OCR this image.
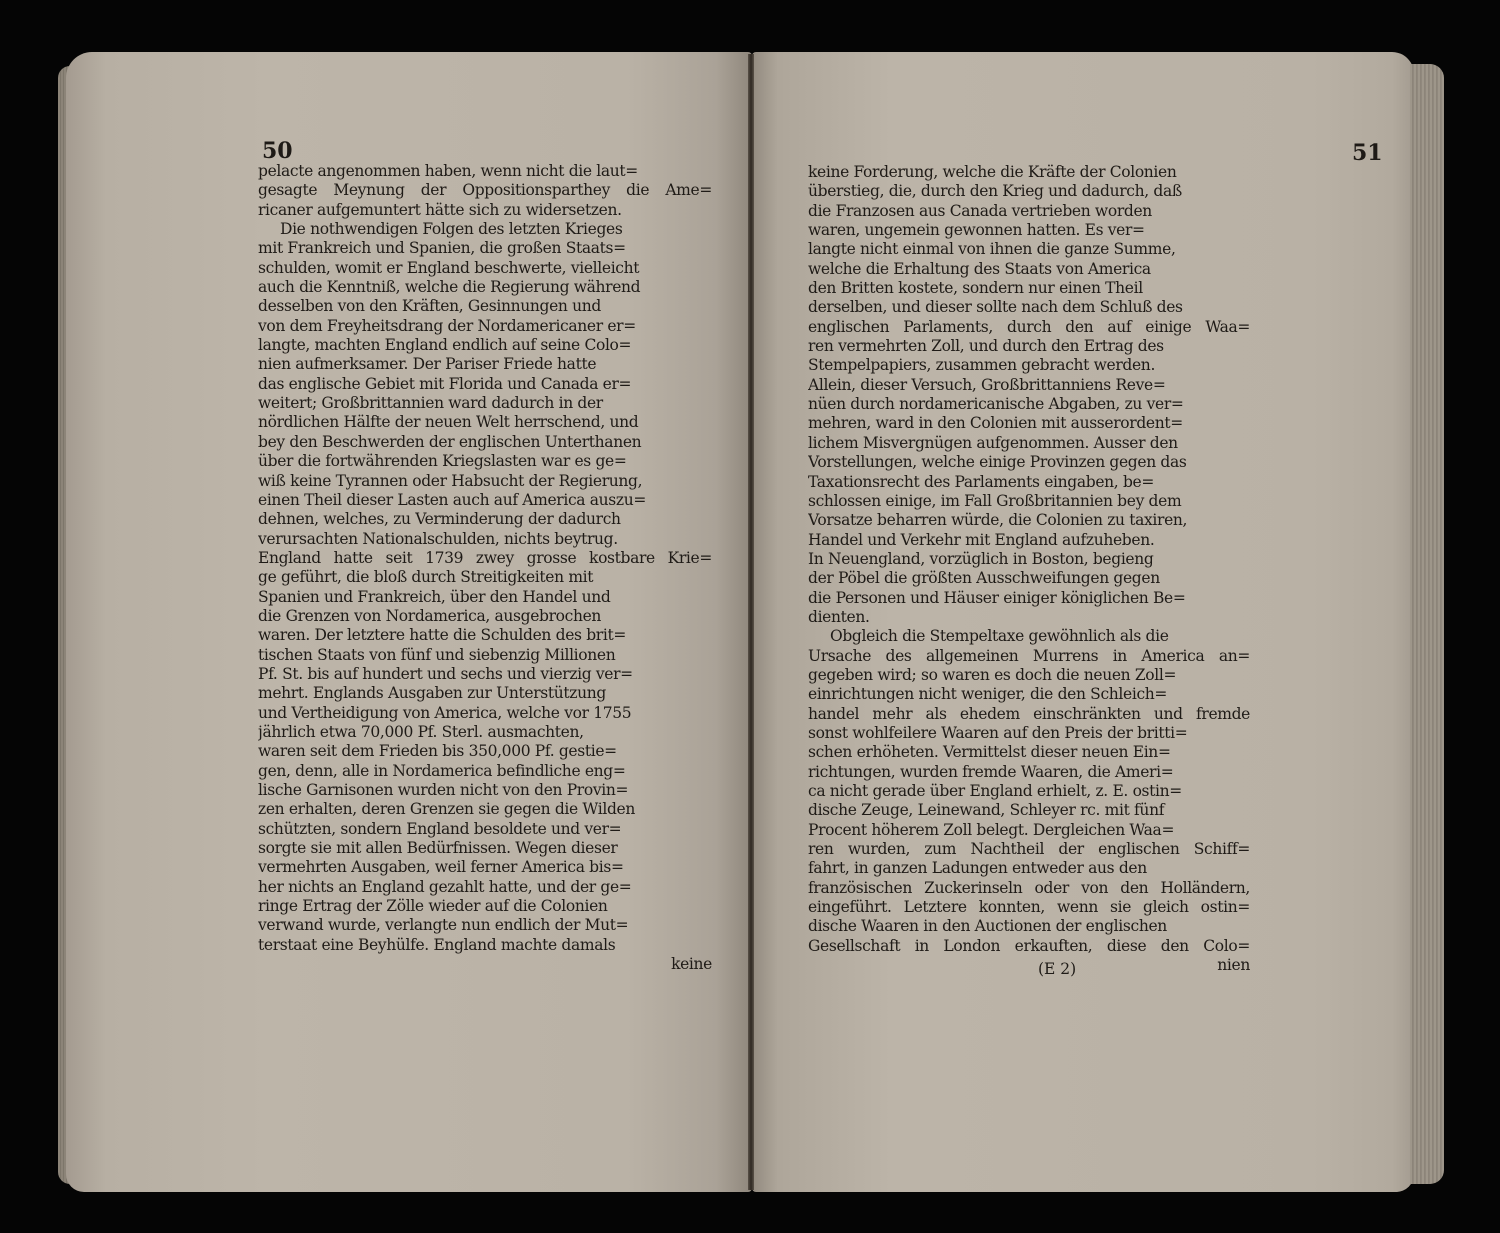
50
pelacte angenommen haben, wenn nicht die laut=
gesagte Meynung der Oppositionsparthey die Ame=
ricaner aufgemuntert hätte sich zu widersetzen.
Die nothwendigen Folgen des letzten Krieges
mit Frankreich und Spanien, die großen Staats=
schulden, womit er England beschwerte, vielleicht
auch die Kenntniß, welche die Regierung während
desselben von den Kräften, Gesinnungen und
von dem Freyheitsdrang der Nordamericaner er=
langte, machten England endlich auf seine Colo=
nien aufmerksamer. Der Pariser Friede hatte
das englische Gebiet mit Florida und Canada er=
weitert; Großbrittannien ward dadurch in der
nördlichen Hälfte der neuen Welt herrschend, und
bey den Beschwerden der englischen Unterthanen
über die fortwährenden Kriegslasten war es ge=
wiß keine Tyrannen oder Habsucht der Regierung,
einen Theil dieser Lasten auch auf America auszu=
dehnen, welches, zu Verminderung der dadurch
verursachten Nationalschulden, nichts beytrug.
England hatte seit 1739 zwey grosse kostbare Krie=
ge geführt, die bloß durch Streitigkeiten mit
Spanien und Frankreich, über den Handel und
die Grenzen von Nordamerica, ausgebrochen
waren. Der letztere hatte die Schulden des brit=
tischen Staats von fünf und siebenzig Millionen
Pf. St. bis auf hundert und sechs und vierzig ver=
mehrt. Englands Ausgaben zur Unterstützung
und Vertheidigung von America, welche vor 1755
jährlich etwa 70,000 Pf. Sterl. ausmachten,
waren seit dem Frieden bis 350,000 Pf. gestie=
gen, denn, alle in Nordamerica befindliche eng=
lische Garnisonen wurden nicht von den Provin=
zen erhalten, deren Grenzen sie gegen die Wilden
schützten, sondern England besoldete und ver=
sorgte sie mit allen Bedürfnissen. Wegen dieser
vermehrten Ausgaben, weil ferner America bis=
her nichts an England gezahlt hatte, und der ge=
ringe Ertrag der Zölle wieder auf die Colonien
verwand wurde, verlangte nun endlich der Mut=
terstaat eine Beyhülfe. England machte damals
keine
51
keine Forderung, welche die Kräfte der Colonien
überstieg, die, durch den Krieg und dadurch, daß
die Franzosen aus Canada vertrieben worden
waren, ungemein gewonnen hatten. Es ver=
langte nicht einmal von ihnen die ganze Summe,
welche die Erhaltung des Staats von America
den Britten kostete, sondern nur einen Theil
derselben, und dieser sollte nach dem Schluß des
englischen Parlaments, durch den auf einige Waa=
ren vermehrten Zoll, und durch den Ertrag des
Stempelpapiers, zusammen gebracht werden.
Allein, dieser Versuch, Großbrittanniens Reve=
nüen durch nordamericanische Abgaben, zu ver=
mehren, ward in den Colonien mit ausserordent=
lichem Misvergnügen aufgenommen. Ausser den
Vorstellungen, welche einige Provinzen gegen das
Taxationsrecht des Parlaments eingaben, be=
schlossen einige, im Fall Großbritannien bey dem
Vorsatze beharren würde, die Colonien zu taxiren,
Handel und Verkehr mit England aufzuheben.
In Neuengland, vorzüglich in Boston, begieng
der Pöbel die größten Ausschweifungen gegen
die Personen und Häuser einiger königlichen Be=
dienten.
Obgleich die Stempeltaxe gewöhnlich als die
Ursache des allgemeinen Murrens in America an=
gegeben wird; so waren es doch die neuen Zoll=
einrichtungen nicht weniger, die den Schleich=
handel mehr als ehedem einschränkten und fremde
sonst wohlfeilere Waaren auf den Preis der britti=
schen erhöheten. Vermittelst dieser neuen Ein=
richtungen, wurden fremde Waaren, die Ameri=
ca nicht gerade über England erhielt, z. E. ostin=
dische Zeuge, Leinewand, Schleyer rc. mit fünf
Procent höherem Zoll belegt. Dergleichen Waa=
ren wurden, zum Nachtheil der englischen Schiff=
fahrt, in ganzen Ladungen entweder aus den
französischen Zuckerinseln oder von den Holländern,
eingeführt. Letztere konnten, wenn sie gleich ostin=
dische Waaren in den Auctionen der englischen
Gesellschaft in London erkauften, diese den Colo=
nien
(E 2)
